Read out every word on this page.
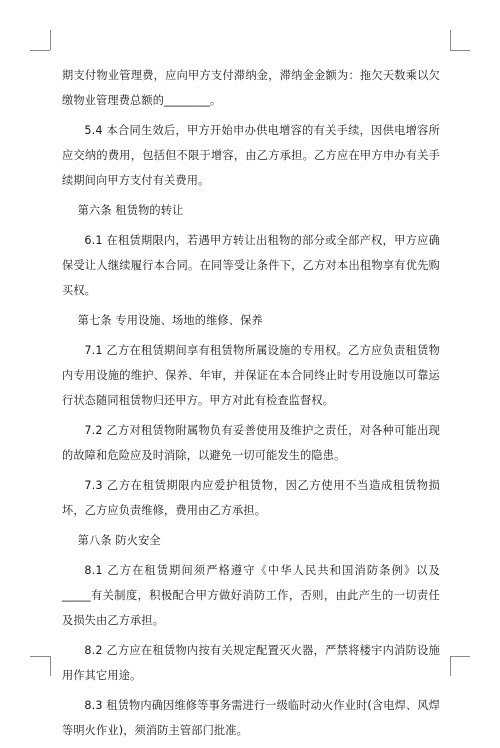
期支付物业管理费，应向甲方支付滞纳金，滞纳金金额为：拖欠天数乘以欠缴物业管理费总额的________。

5.4 本合同生效后，甲方开始申办供电增容的有关手续，因供电增容所应交纳的费用，包括但不限于增容，由乙方承担。乙方应在甲方申办有关手续期间向甲方支付有关费用。

第六条 租赁物的转让

6.1 在租赁期限内，若遇甲方转让出租物的部分或全部产权，甲方应确保受让人继续履行本合同。在同等受让条件下，乙方对本出租物享有优先购买权。

第七条 专用设施、场地的维修、保养

7.1 乙方在租赁期间享有租赁物所属设施的专用权。乙方应负责租赁物内专用设施的维护、保养、年审，并保证在本合同终止时专用设施以可靠运行状态随同租赁物归还甲方。甲方对此有检查监督权。

7.2 乙方对租赁物附属物负有妥善使用及维护之责任，对各种可能出现的故障和危险应及时消除，以避免一切可能发生的隐患。

7.3 乙方在租赁期限内应爱护租赁物，因乙方使用不当造成租赁物损坏，乙方应负责维修，费用由乙方承担。

第八条 防火安全

8.1 乙方在租赁期间须严格遵守《中华人民共和国消防条例》以及_____有关制度，积极配合甲方做好消防工作，否则，由此产生的一切责任及损失由乙方承担。

8.2 乙方应在租赁物内按有关规定配置灭火器，严禁将楼宇内消防设施用作其它用途。

8.3 租赁物内确因维修等事务需进行一级临时动火作业时(含电焊、风焊等明火作业)，须消防主管部门批准。
